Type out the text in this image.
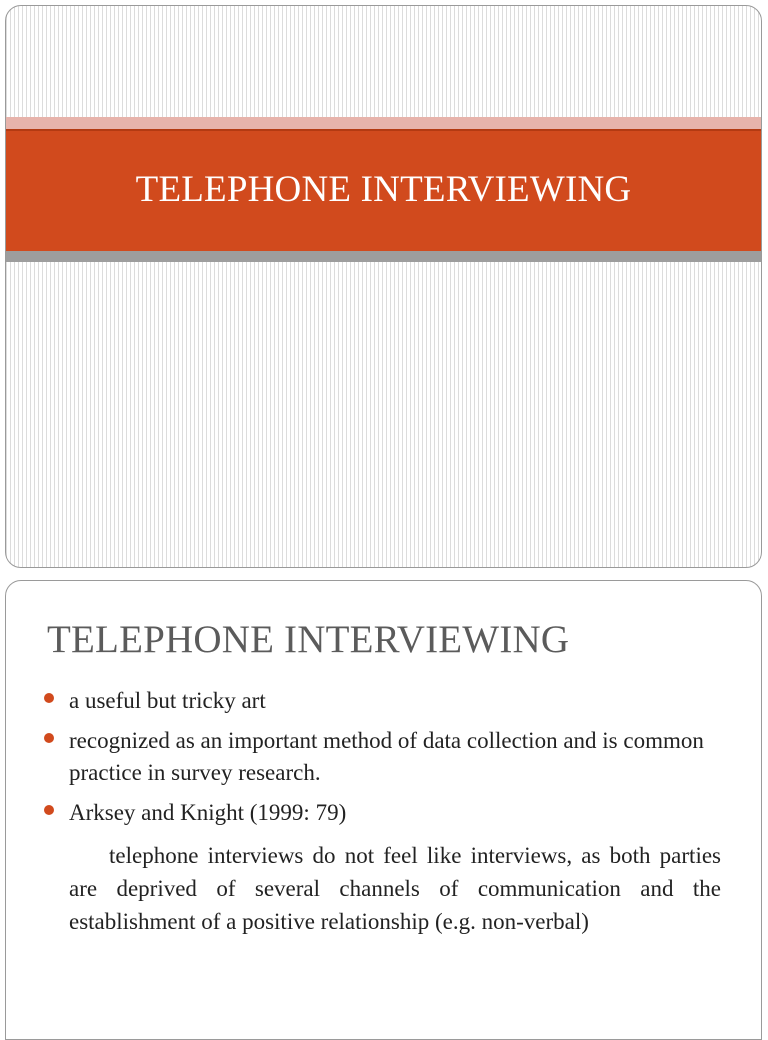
TELEPHONE INTERVIEWING
TELEPHONE INTERVIEWING
a useful but tricky art
recognized as an important method of data collection and is common practice in survey research.
Arksey and Knight (1999: 79)
telephone interviews do not feel like interviews, as both parties are deprived of several channels of communication and the establishment of a positive relationship (e.g. non-verbal)
